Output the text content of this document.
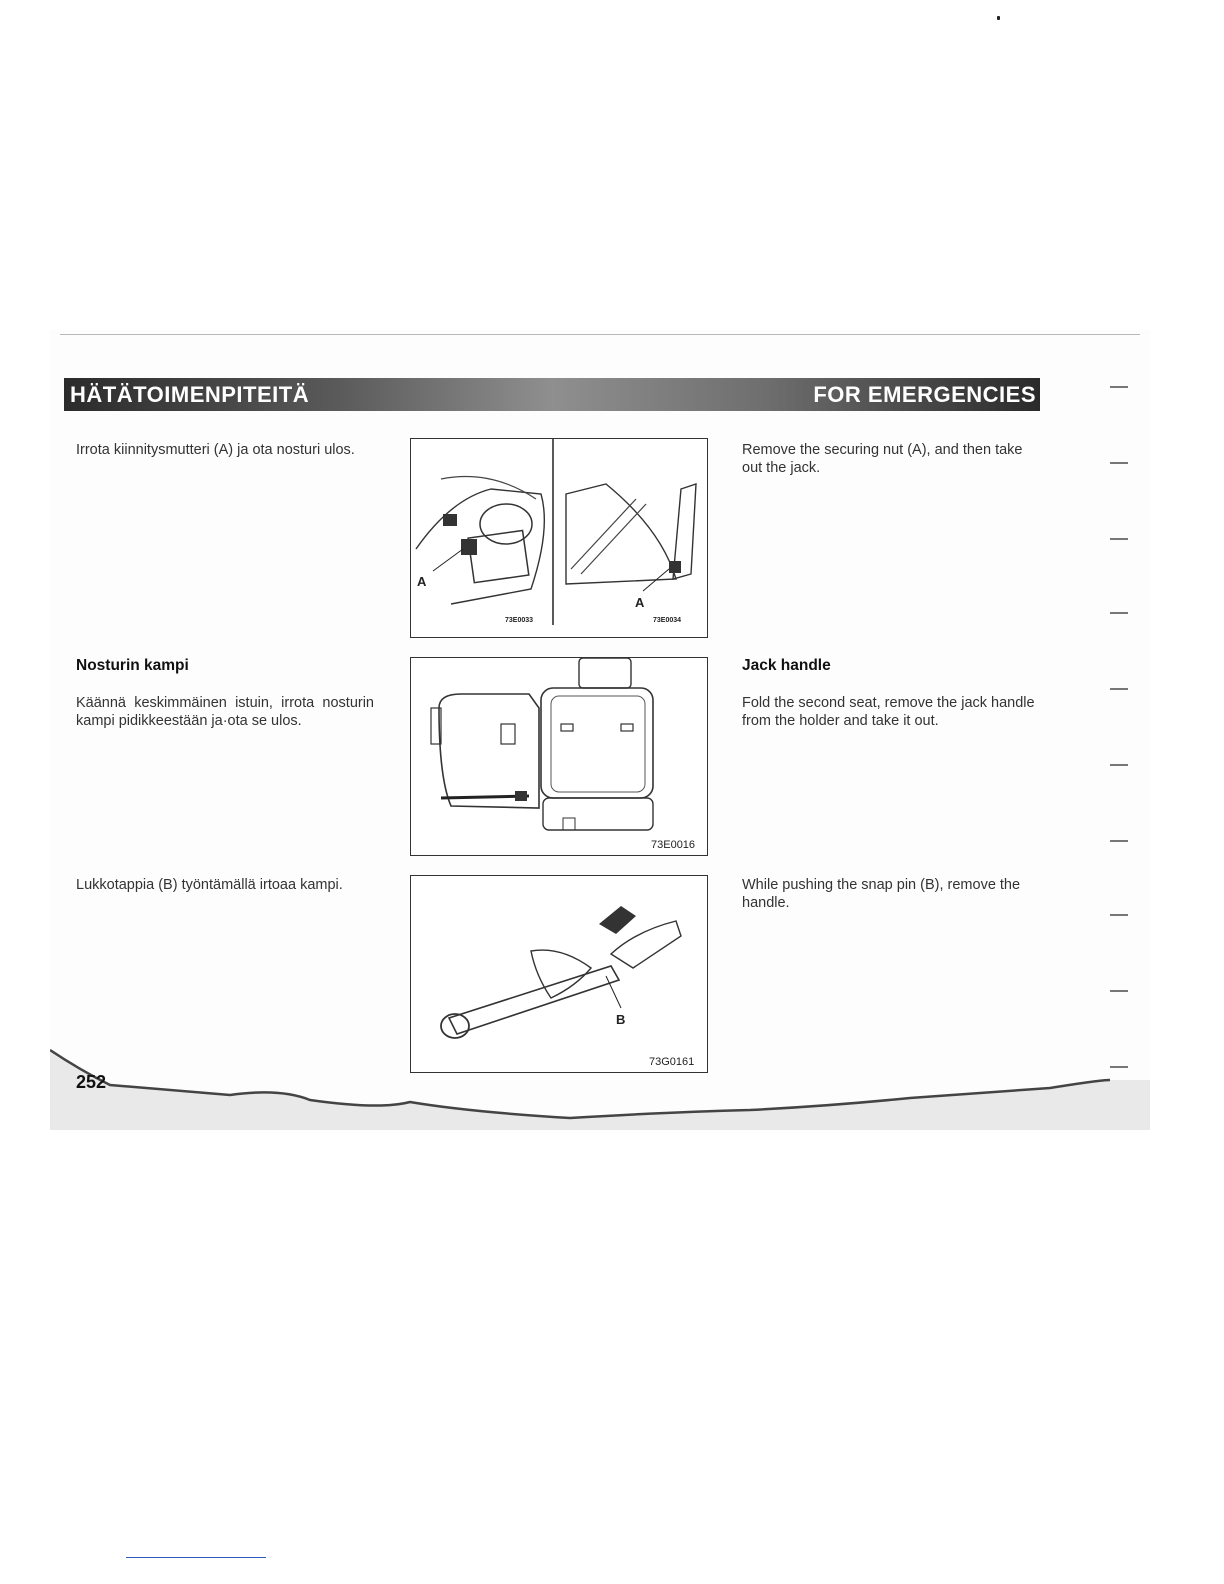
HÄTÄTOIMENPITEITÄ	FOR EMERGENCIES
Irrota kiinnitysmutteri (A) ja ota nosturi ulos.	Remove the securing nut (A), and then take out the jack.
A
A
73E0033	73E0034
Nosturin kampi
Käännä keskimmäinen istuin, irrota nosturin kampi pidikkeestään ja·ota se ulos.
Jack handle
Fold the second seat, remove the jack handle from the holder and take it out.
73E0016
Lukkotappia (B) työntämällä irtoaa kampi.	While pushing the snap pin (B), remove the handle.
B
73G0161
252
